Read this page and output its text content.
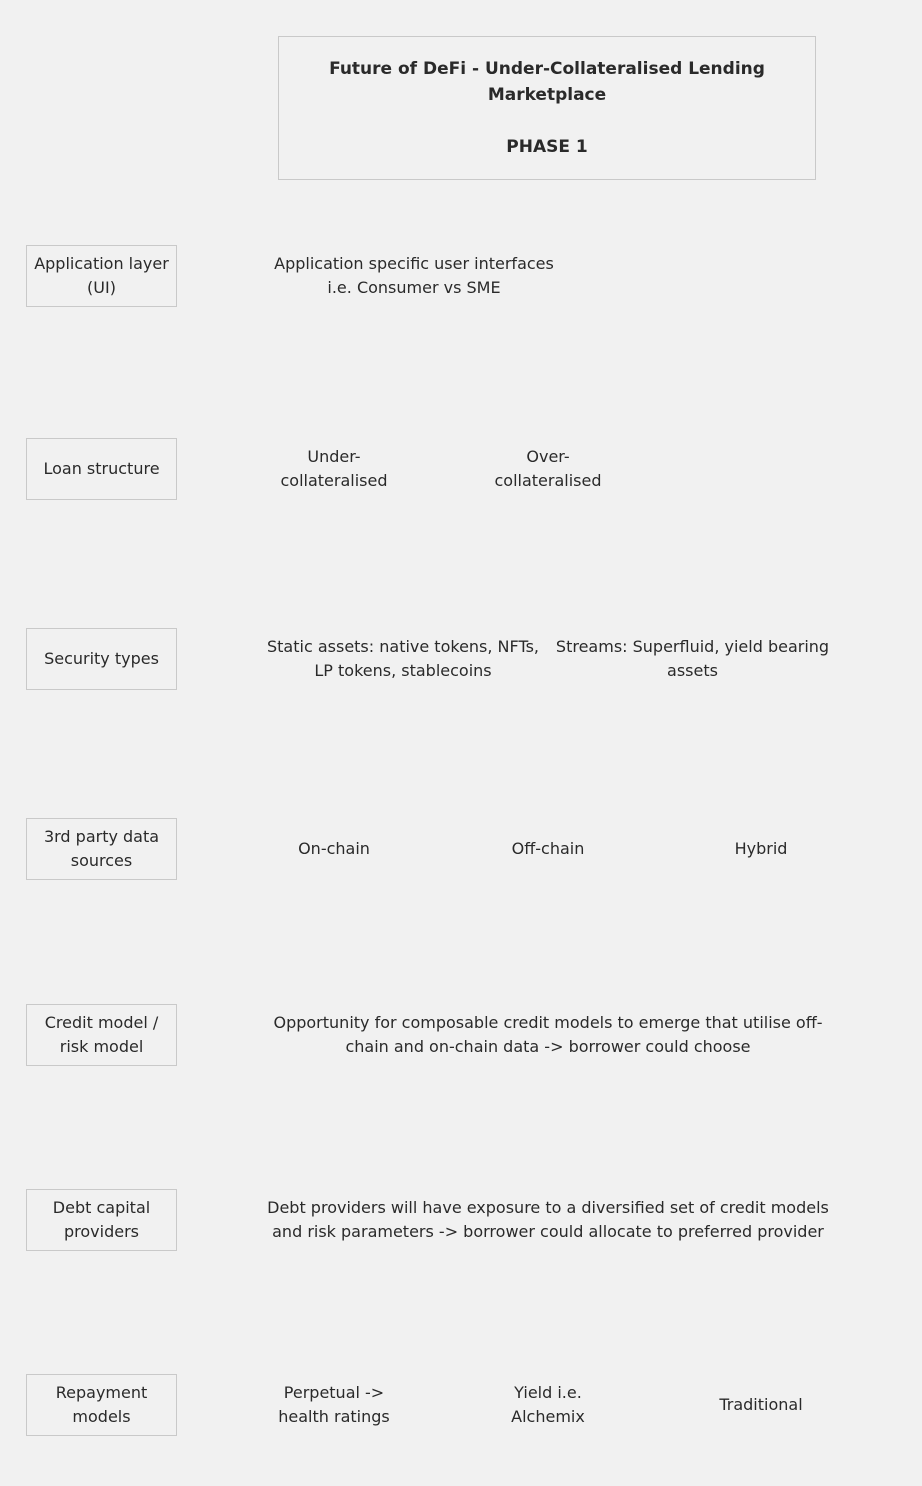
Future of DeFi - Under-Collateralised Lending
Marketplace
PHASE 1
Application layer
(UI)
Application specific user interfaces
i.e. Consumer vs SME
Loan structure
Under-
collateralised
Over-
collateralised
Security types
Static assets: native tokens, NFTs,
LP tokens, stablecoins
Streams: Superfluid, yield bearing
assets
3rd party data
sources
On-chain	Off-chain	Hybrid
Credit model /
risk model
Opportunity for composable credit models to emerge that utilise off-
chain and on-chain data -> borrower could choose
Debt capital
providers
Debt providers will have exposure to a diversified set of credit models
and risk parameters -> borrower could allocate to preferred provider
Repayment
models
Perpetual ->
health ratings
Yield i.e.
Alchemix
Traditional
